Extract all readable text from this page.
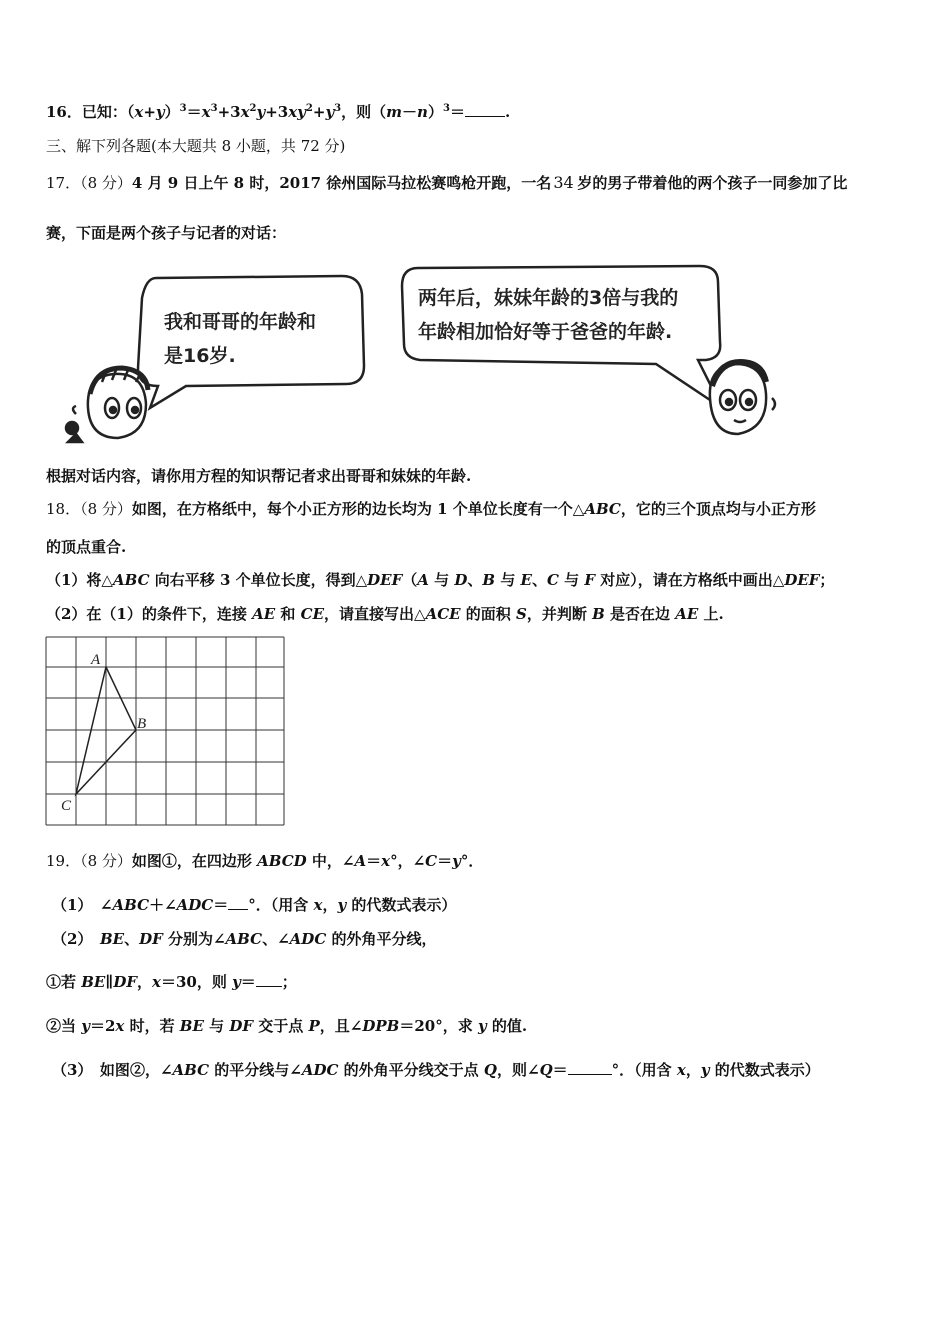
16．已知：$(x+y)^3=x^3+3x^2y+3xy^2+y^3$，则$(m-n)^3=$	.
三、解下列各题(本大题共 8 小题，共 72 分)
17．（8 分）4 月 9 日上午 8 时，2017 徐州国际马拉松赛鸣枪开跑，一名 34 岁的男子带着他的两个孩子一同参加了比
赛，下面是两个孩子与记者的对话：
我和哥哥的年龄和
是16岁.
两年后，妹妹年龄的3倍与我的
年龄相加恰好等于爸爸的年龄.
根据对话内容，请你用方程的知识帮记者求出哥哥和妹妹的年龄.
18．（8 分）如图，在方格纸中，每个小正方形的边长均为 1 个单位长度有一个△ABC，它的三个顶点均与小正方形
的顶点重合.
（1）将△ABC 向右平移 3 个单位长度，得到△DEF（A 与 D、B 与 E、C 与 F 对应），请在方格纸中画出△DEF；
（2）在（1）的条件下，连接 AE 和 CE，请直接写出△ACE 的面积 S，并判断 B 是否在边 AE 上.
A
B
C
19．（8 分）如图①，在四边形 ABCD 中，∠A＝x°，∠C＝y°．
（1）　∠ABC＋∠ADC＝ °．（用含 x，y 的代数式表示）
（2）　BE、DF 分别为∠ABC、∠ADC 的外角平分线，
①若 BE∥DF，x＝30，则 y＝ ；
②当 y＝2x 时，若 BE 与 DF 交于点 P，且∠DPB＝20°，求 y 的值.
（3）　如图②，∠ABC 的平分线与∠ADC 的外角平分线交于点 Q，则∠Q＝	°．（用含 x，y 的代数式表示）
